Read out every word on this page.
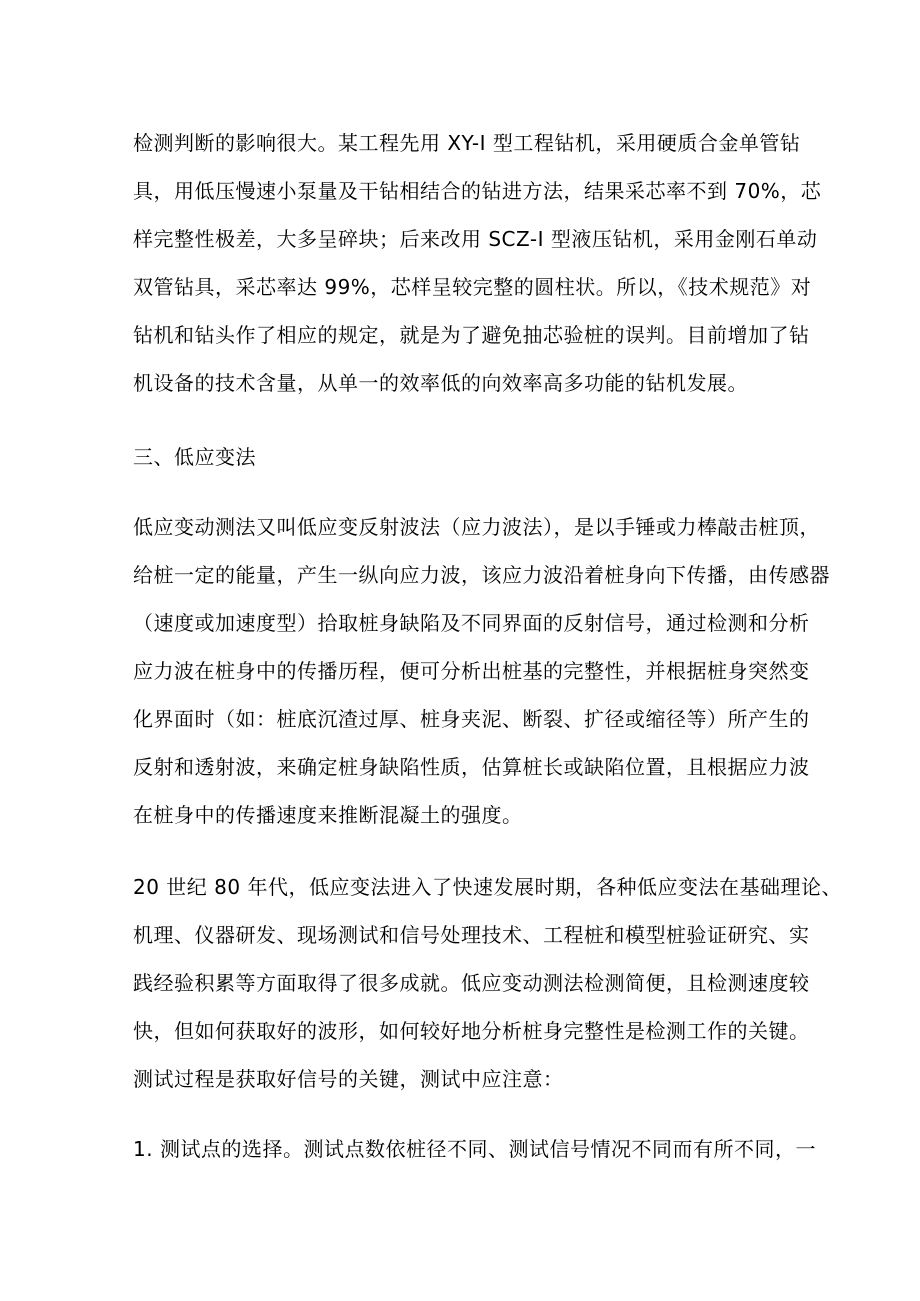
检测判断的影响很大。某工程先用 XY-I 型工程钻机，采用硬质合金单管钻
具，用低压慢速小泵量及干钻相结合的钻进方法，结果采芯率不到 70%，芯
样完整性极差，大多呈碎块；后来改用 SCZ-I 型液压钻机，采用金刚石单动
双管钻具，采芯率达 99%，芯样呈较完整的圆柱状。所以，《技术规范》对
钻机和钻头作了相应的规定，就是为了避免抽芯验桩的误判。目前增加了钻
机设备的技术含量，从单一的效率低的向效率高多功能的钻机发展。
三、低应变法
低应变动测法又叫低应变反射波法（应力波法），是以手锤或力棒敲击桩顶，
给桩一定的能量，产生一纵向应力波，该应力波沿着桩身向下传播，由传感器
（速度或加速度型）拾取桩身缺陷及不同界面的反射信号，通过检测和分析
应力波在桩身中的传播历程，便可分析出桩基的完整性，并根据桩身突然变
化界面时（如：桩底沉渣过厚、桩身夹泥、断裂、扩径或缩径等）所产生的
反射和透射波，来确定桩身缺陷性质，估算桩长或缺陷位置，且根据应力波
在桩身中的传播速度来推断混凝土的强度。
20 世纪 80 年代，低应变法进入了快速发展时期，各种低应变法在基础理论、
机理、仪器研发、现场测试和信号处理技术、工程桩和模型桩验证研究、实
践经验积累等方面取得了很多成就。低应变动测法检测简便，且检测速度较
快，但如何获取好的波形，如何较好地分析桩身完整性是检测工作的关键。
测试过程是获取好信号的关键，测试中应注意：
1. 测试点的选择。测试点数依桩径不同、测试信号情况不同而有所不同，一
